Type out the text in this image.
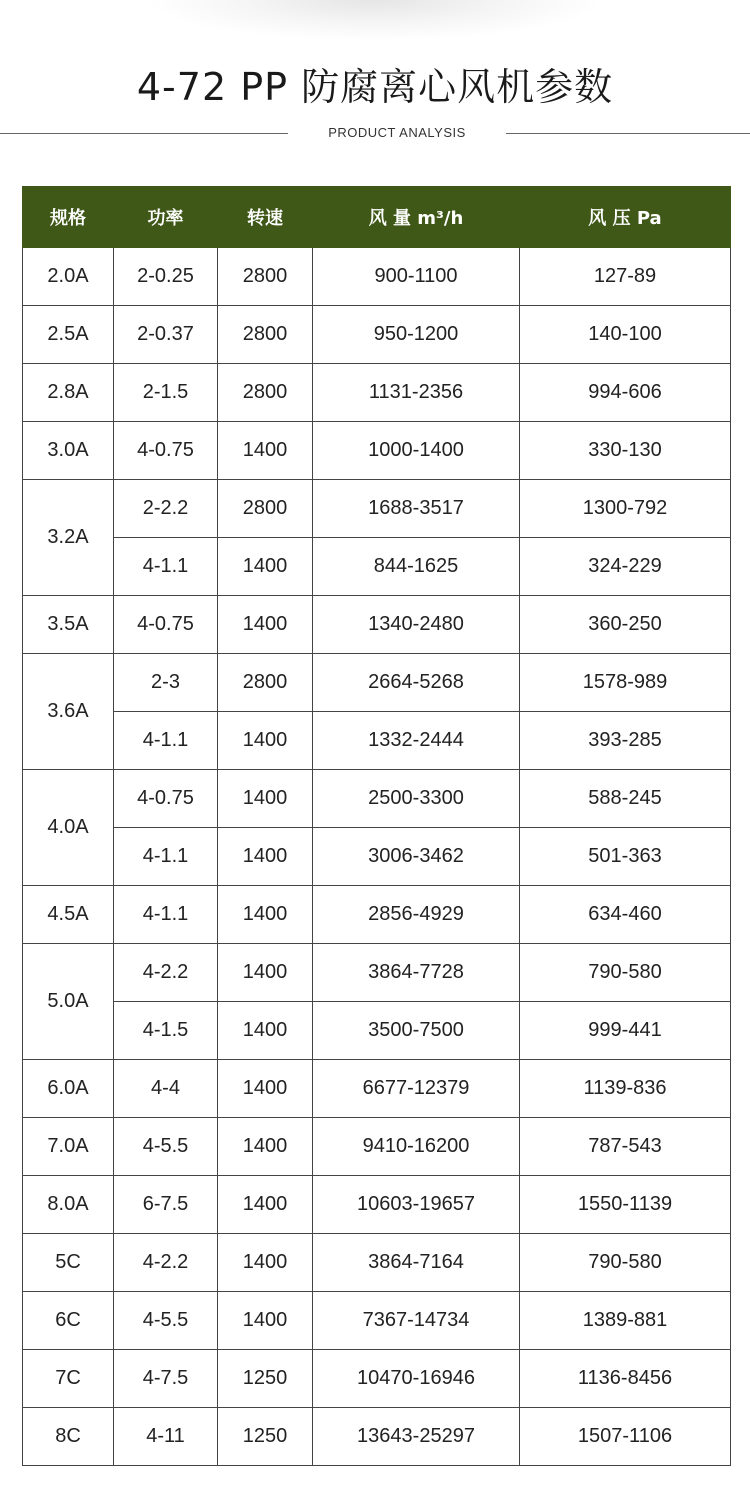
4-72 PP 防腐离心风机参数
PRODUCT ANALYSIS
规格	功率	转速	风 量 m³/h	风 压 Pa
2.0A	2-0.25	2800	900-1100	127-89
2.5A	2-0.37	2800	950-1200	140-100
2.8A	2-1.5	2800	1131-2356	994-606
3.0A	4-0.75	1400	1000-1400	330-130
3.2A	2-2.2	2800	1688-3517	1300-792
	4-1.1	1400	844-1625	324-229
3.5A	4-0.75	1400	1340-2480	360-250
3.6A	2-3	2800	2664-5268	1578-989
	4-1.1	1400	1332-2444	393-285
4.0A	4-0.75	1400	2500-3300	588-245
	4-1.1	1400	3006-3462	501-363
4.5A	4-1.1	1400	2856-4929	634-460
5.0A	4-2.2	1400	3864-7728	790-580
	4-1.5	1400	3500-7500	999-441
6.0A	4-4	1400	6677-12379	1139-836
7.0A	4-5.5	1400	9410-16200	787-543
8.0A	6-7.5	1400	10603-19657	1550-1139
5C	4-2.2	1400	3864-7164	790-580
6C	4-5.5	1400	7367-14734	1389-881
7C	4-7.5	1250	10470-16946	1136-8456
8C	4-11	1250	13643-25297	1507-1106
